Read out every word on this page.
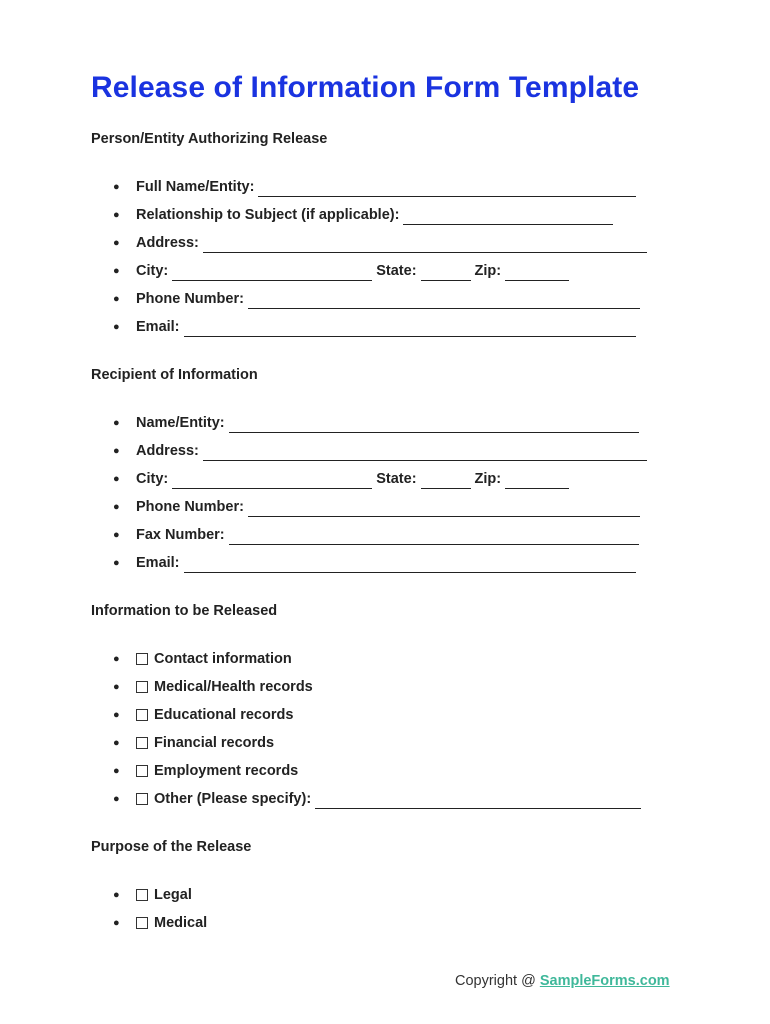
Release of Information Form Template
Person/Entity Authorizing Release
●	Full Name/Entity:
●	Relationship to Subject (if applicable):
●	Address:
●	City:	State:	Zip:
●	Phone Number:
●	Email:
Recipient of Information
●	Name/Entity:
●	Address:
●	City:	State:	Zip:
●	Phone Number:
●	Fax Number:
●	Email:
Information to be Released
●	Contact information
●	Medical/Health records
●	Educational records
●	Financial records
●	Employment records
●	Other (Please specify):
Purpose of the Release
●	Legal
●	Medical
Copyright @ SampleForms.com
